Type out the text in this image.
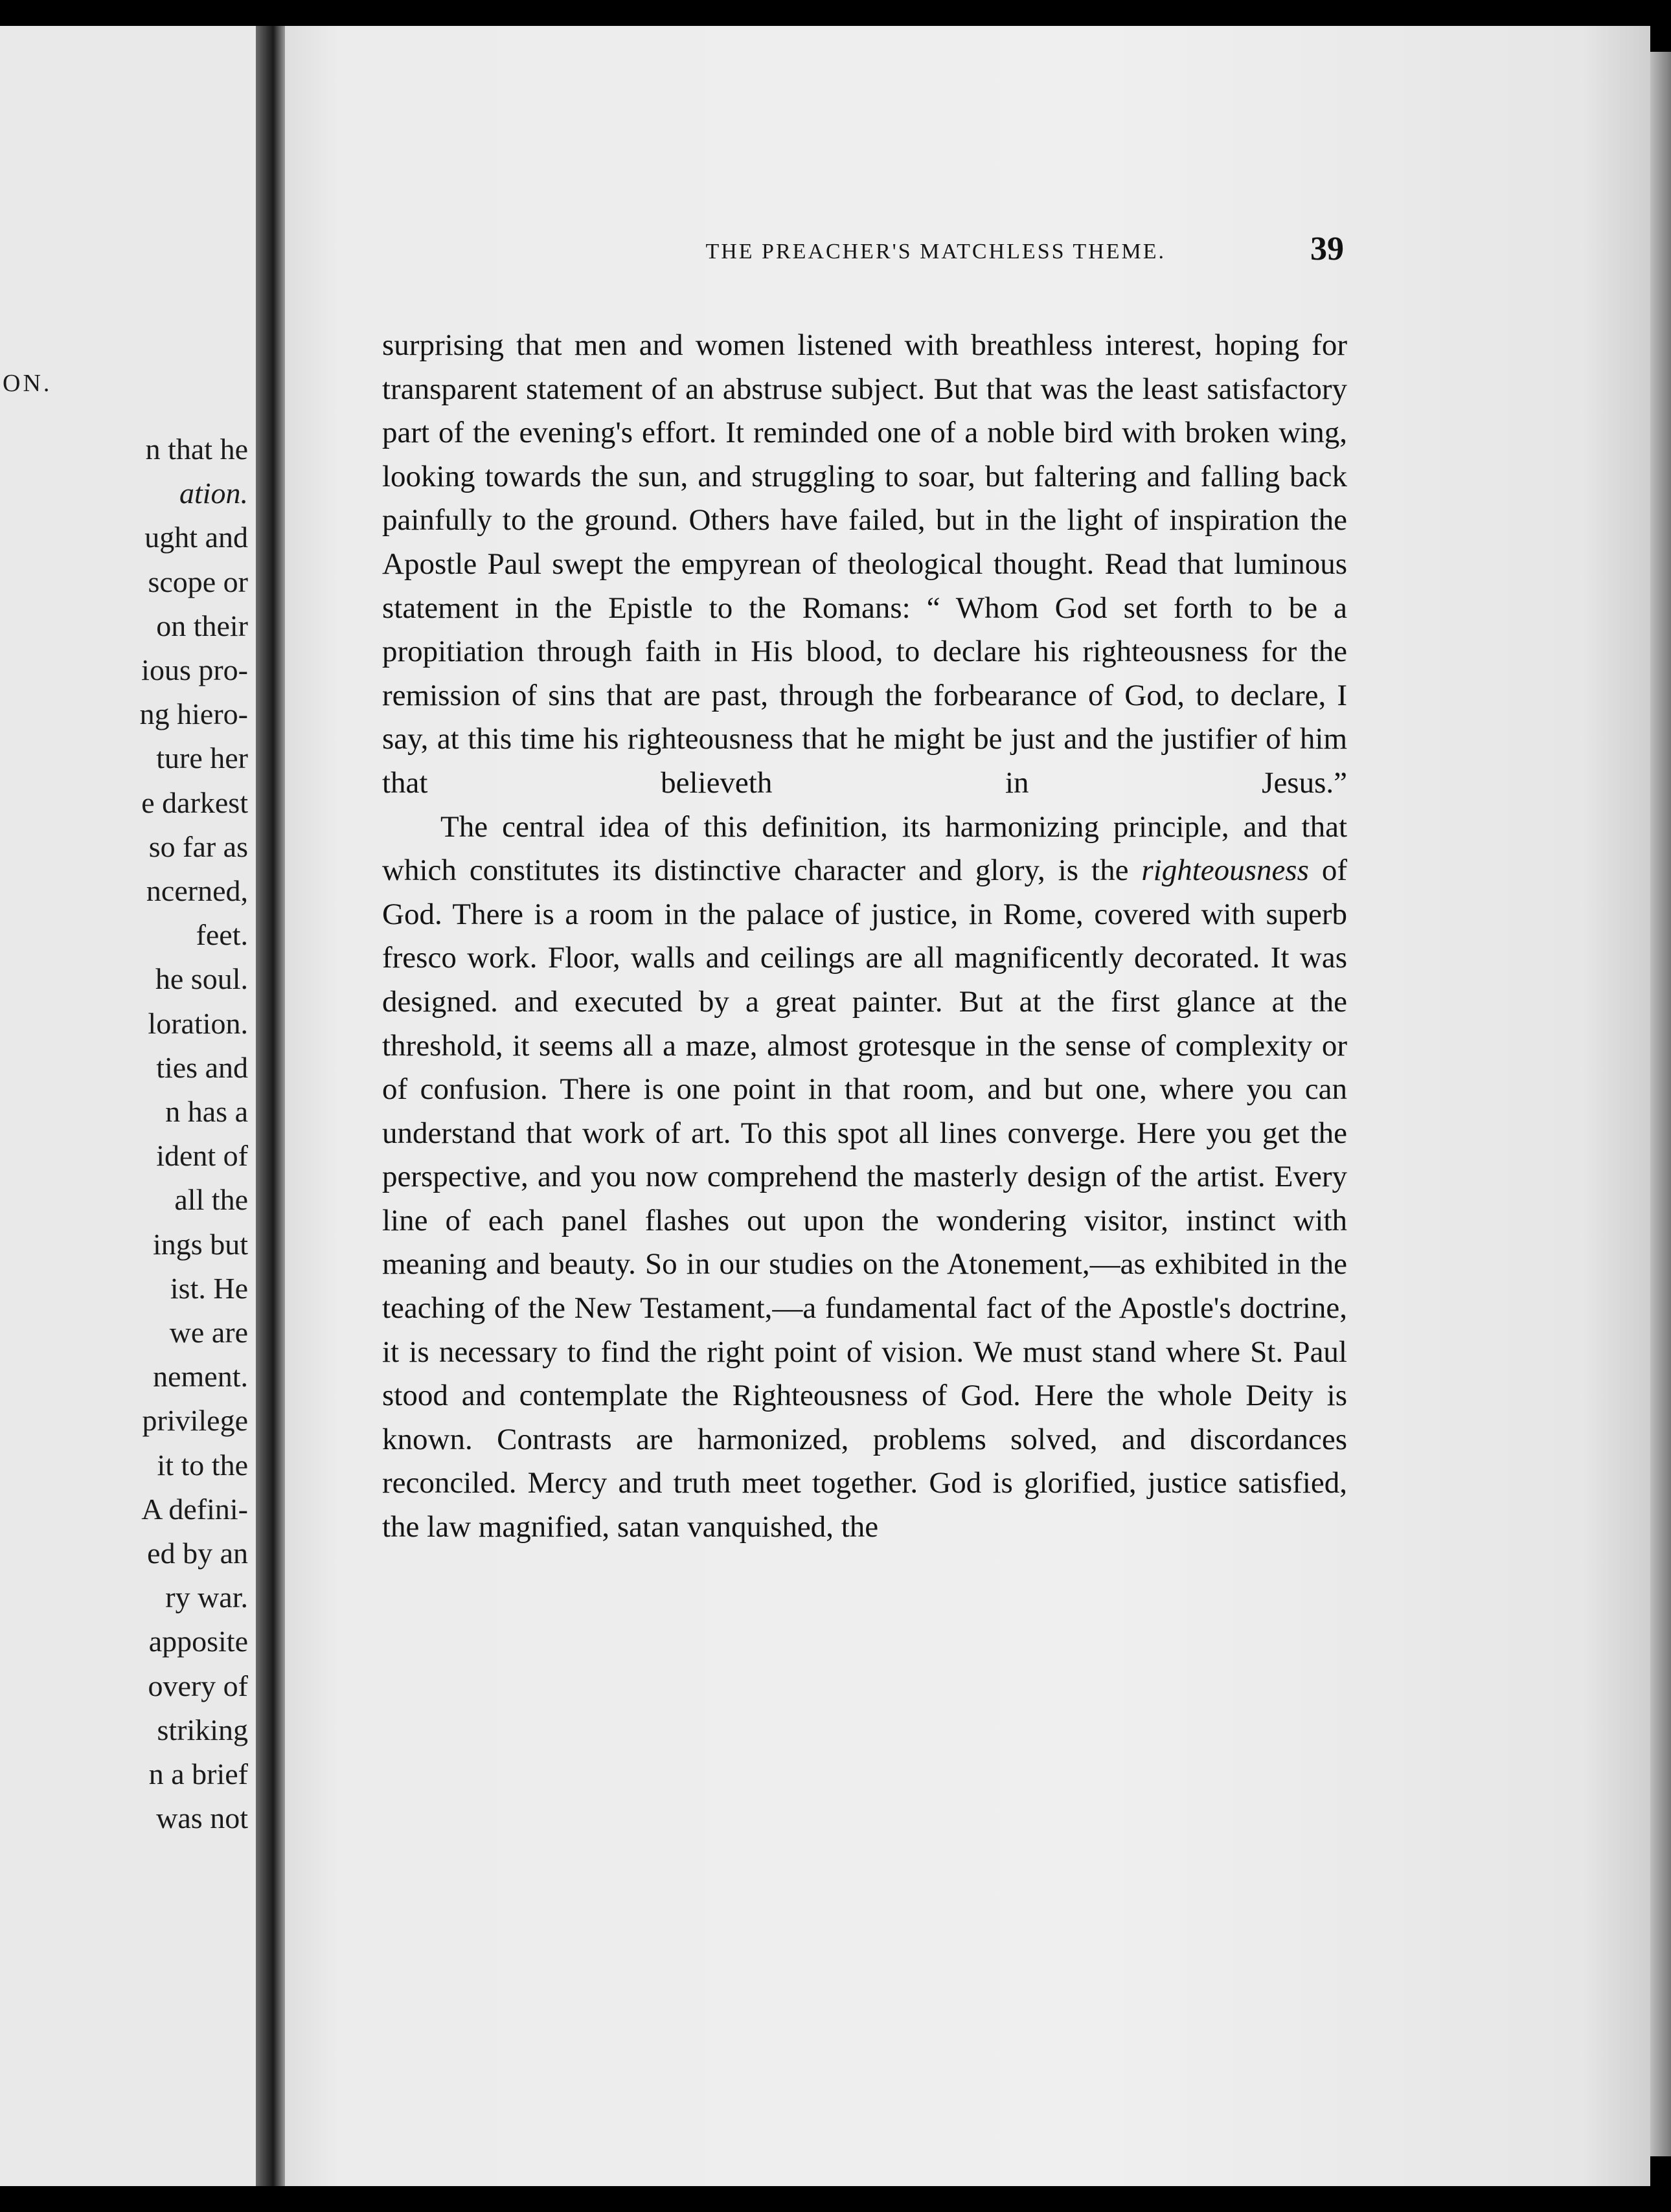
ON.
n that he
ation.
ught and
scope or
on their
ious pro-
ng hiero-
ture her
e darkest
so far as
ncerned,
feet.
he soul.
loration.
ties and
n has a
ident of
all the
ings but
ist. He
we are
nement.
privilege
it to the
A defini-
ed by an
ry war.
apposite
overy of
striking
n a brief
was not
THE PREACHER'S MATCHLESS THEME.	39

surprising that men and women listened with breathless interest, hoping for transparent statement of an abstruse subject. But that was the least satisfactory part of the evening's effort. It reminded one of a noble bird with broken wing, looking towards the sun, and struggling to soar, but faltering and falling back painfully to the ground. Others have failed, but in the light of inspiration the Apostle Paul swept the empyrean of theological thought. Read that luminous statement in the Epistle to the Romans: “ Whom God set forth to be a propitiation through faith in His blood, to declare his righteousness for the remission of sins that are past, through the forbearance of God, to declare, I say, at this time his righteousness that he might be just and the justifier of him that believeth in Jesus.”

The central idea of this definition, its harmonizing principle, and that which constitutes its distinctive character and glory, is the righteousness of God. There is a room in the palace of justice, in Rome, covered with superb fresco work. Floor, walls and ceilings are all magnificently decorated. It was designed. and executed by a great painter. But at the first glance at the threshold, it seems all a maze, almost grotesque in the sense of complexity or of confusion. There is one point in that room, and but one, where you can understand that work of art. To this spot all lines converge. Here you get the perspective, and you now comprehend the masterly design of the artist. Every line of each panel flashes out upon the wondering visitor, instinct with meaning and beauty. So in our studies on the Atonement,—as exhibited in the teaching of the New Testament,—a fundamental fact of the Apostle's doctrine, it is necessary to find the right point of vision. We must stand where St. Paul stood and contemplate the Righteousness of God. Here the whole Deity is known. Contrasts are harmonized, problems solved, and discordances reconciled. Mercy and truth meet together. God is glorified, justice satisfied, the law magnified, satan vanquished, the
